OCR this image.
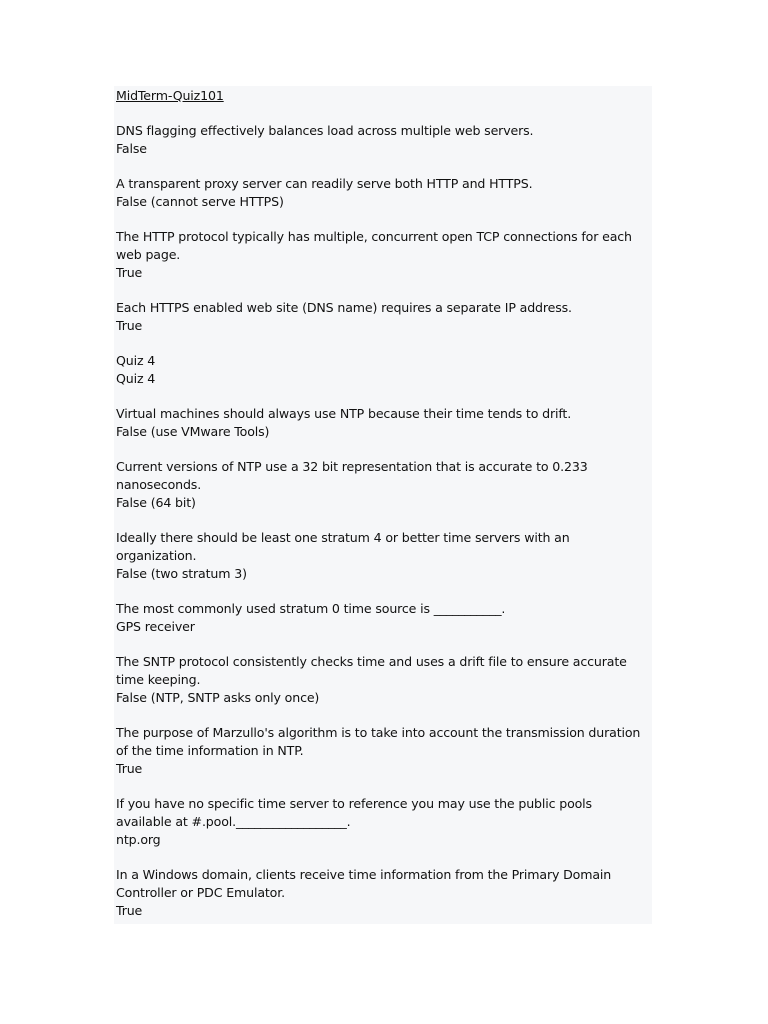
MidTerm-Quiz101

DNS flagging effectively balances load across multiple web servers.

False

A transparent proxy server can readily serve both HTTP and HTTPS.

False (cannot serve HTTPS)

The HTTP protocol typically has multiple, concurrent open TCP connections for each web page.

True

Each HTTPS enabled web site (DNS name) requires a separate IP address.

True

Quiz 4

Quiz 4

Virtual machines should always use NTP because their time tends to drift.

False (use VMware Tools)

Current versions of NTP use a 32 bit representation that is accurate to 0.233 nanoseconds.

False (64 bit)

Ideally there should be least one stratum 4 or better time servers with an organization.

False (two stratum 3)

The most commonly used stratum 0 time source is ___________.

GPS receiver

The SNTP protocol consistently checks time and uses a drift file to ensure accurate time keeping.

False (NTP, SNTP asks only once)

The purpose of Marzullo's algorithm is to take into account the transmission duration of the time information in NTP.

True

If you have no specific time server to reference you may use the public pools available at #.pool.__________________.

ntp.org

In a Windows domain, clients receive time information from the Primary Domain Controller or PDC Emulator.

True
